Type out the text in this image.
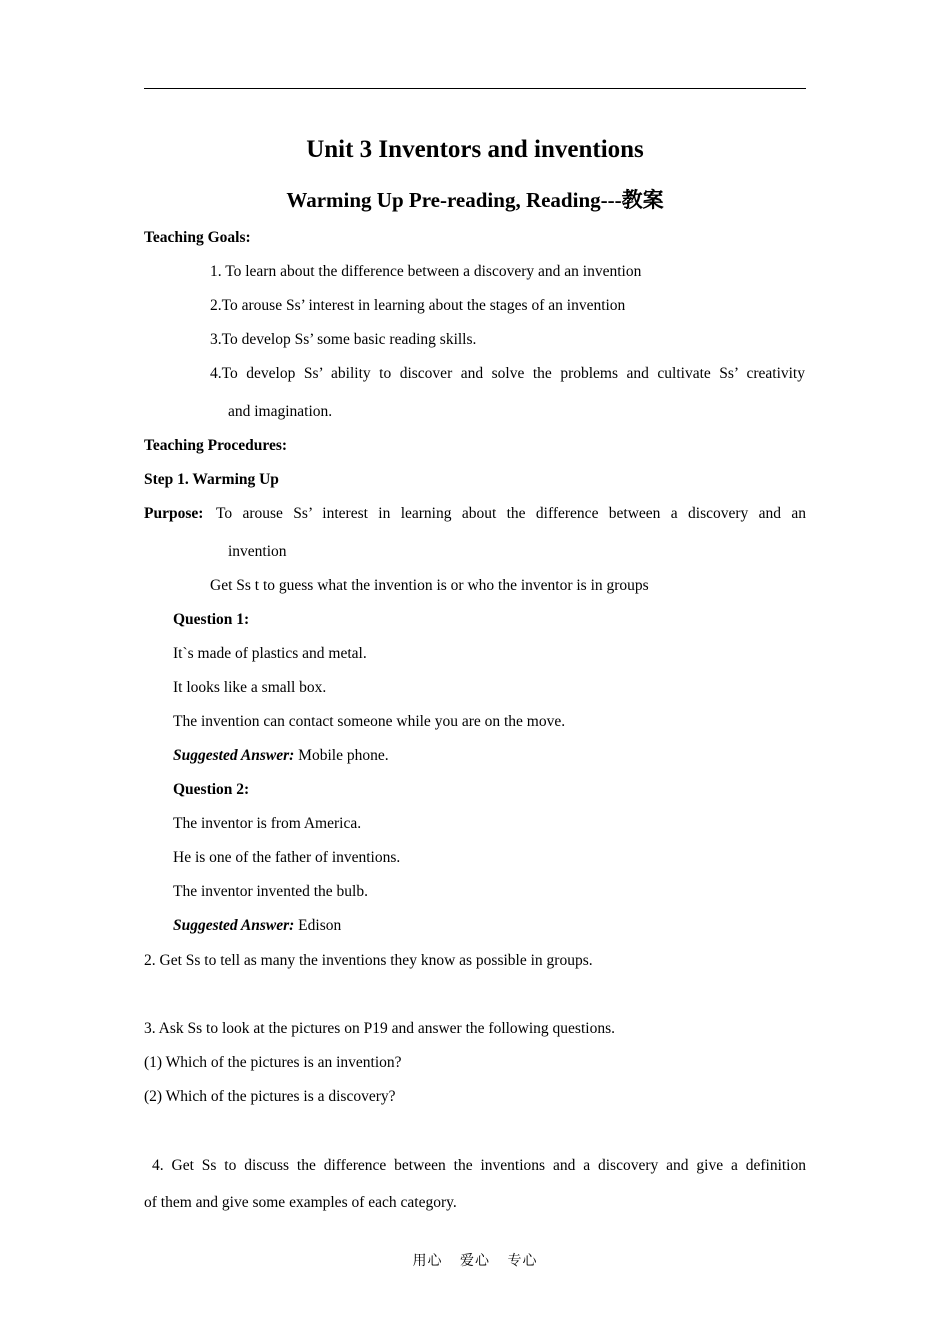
Unit 3 Inventors and inventions
Warming Up Pre-reading, Reading---教案
Teaching Goals:
1. To learn about the difference between a discovery and an invention
2.To arouse Ss’ interest in learning about the stages of an invention
3.To develop Ss’ some basic reading skills.
4.To develop Ss’ ability to discover and solve the problems and cultivate Ss’ creativity
and imagination.
Teaching Procedures:
Step 1. Warming Up
Purpose: To arouse Ss’ interest in learning about the difference between a discovery and an
invention
Get Ss t to guess what the invention is or who the inventor is in groups
Question 1:
It`s made of plastics and metal.
It looks like a small box.
The invention can contact someone while you are on the move.
Suggested Answer: Mobile phone.
Question 2:
The inventor is from America.
He is one of the father of inventions.
The inventor invented the bulb.
Suggested Answer: Edison
2. Get Ss to tell as many the inventions they know as possible in groups.
3. Ask Ss to look at the pictures on P19 and answer the following questions.
(1) Which of the pictures is an invention?
(2) Which of the pictures is a discovery?
4. Get Ss to discuss the difference between the inventions and a discovery and give a definition
of them and give some examples of each category.
用心 爱心 专心
